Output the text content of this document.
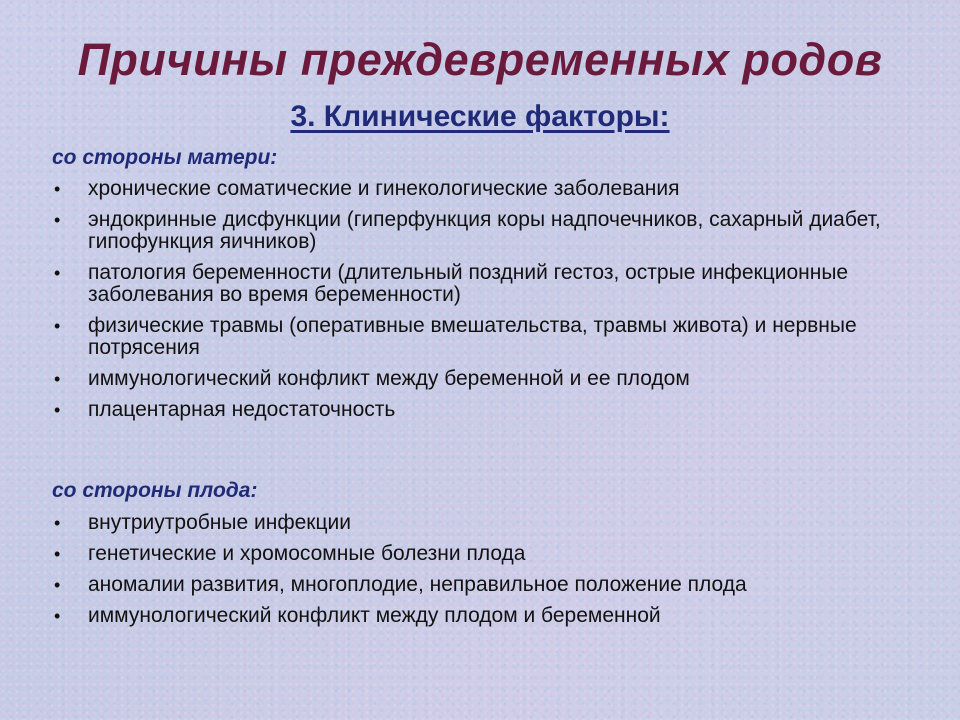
Причины преждевременных родов
3. Клинические факторы:

со стороны матери:

• хронические соматические и гинекологические заболевания
• эндокринные дисфункции (гиперфункция коры надпочечников, сахарный диабет, гипофункция яичников)
• патология беременности (длительный поздний гестоз, острые инфекционные заболевания во время беременности)
• физические травмы (оперативные вмешательства, травмы живота) и нервные потрясения
• иммунологический конфликт между беременной и ее плодом
• плацентарная недостаточность

со стороны плода:

• внутриутробные инфекции
• генетические и хромосомные болезни плода
• аномалии развития, многоплодие, неправильное положение плода
• иммунологический конфликт между плодом и беременной
